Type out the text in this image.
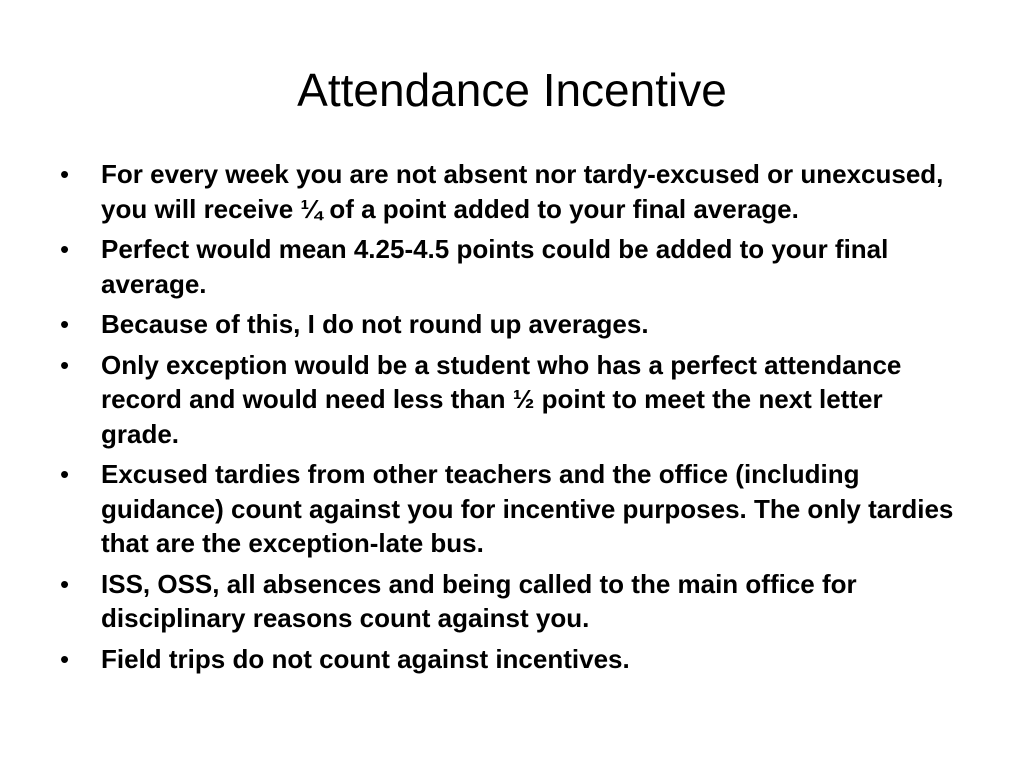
Attendance Incentive
• For every week you are not absent nor tardy-excused or unexcused, you will receive ¼ of a point added to your final average.
• Perfect would mean 4.25-4.5 points could be added to your final average.
• Because of this, I do not round up averages.
• Only exception would be a student who has a perfect attendance record and would need less than ½ point to meet the next letter grade.
• Excused tardies from other teachers and the office (including guidance) count against you for incentive purposes. The only tardies that are the exception-late bus.
• ISS, OSS, all absences and being called to the main office for disciplinary reasons count against you.
• Field trips do not count against incentives.
